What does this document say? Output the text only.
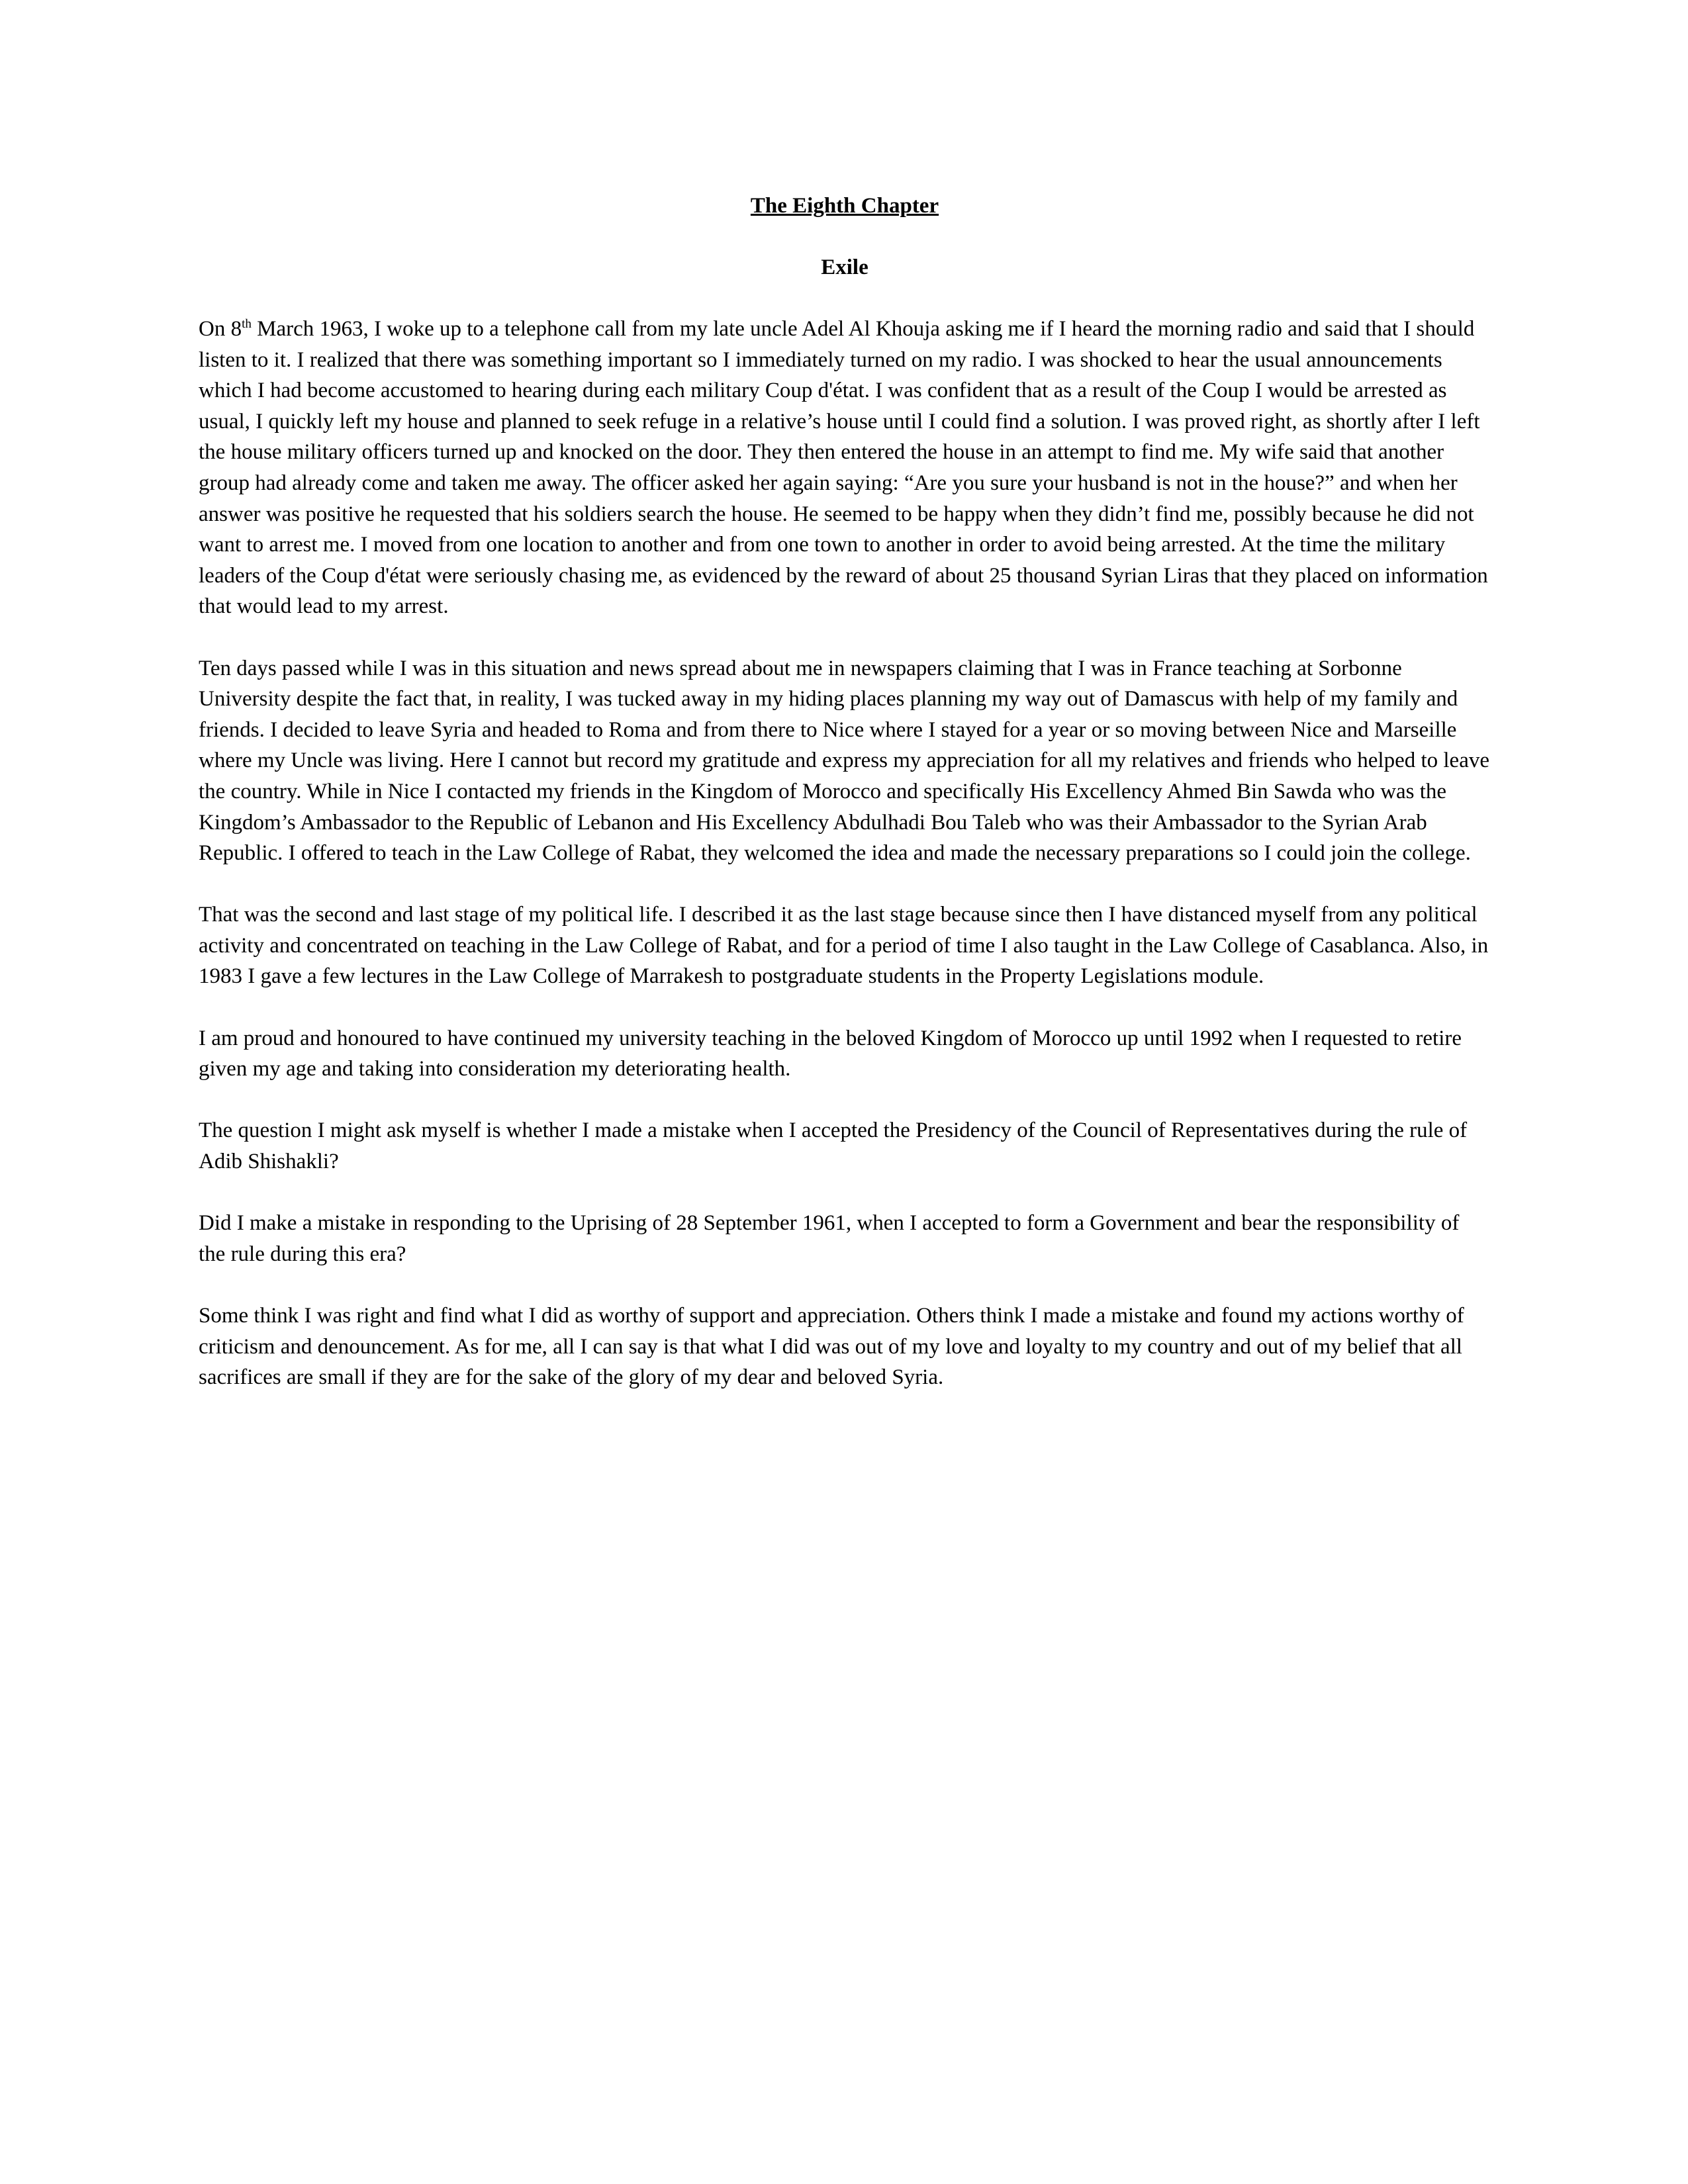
The Eighth Chapter
Exile

On 8th March 1963, I woke up to a telephone call from my late uncle Adel Al Khouja asking me if I heard the morning radio and said that I should listen to it. I realized that there was something important so I immediately turned on my radio. I was shocked to hear the usual announcements which I had become accustomed to hearing during each military Coup d'état. I was confident that as a result of the Coup I would be arrested as usual, I quickly left my house and planned to seek refuge in a relative’s house until I could find a solution. I was proved right, as shortly after I left the house military officers turned up and knocked on the door. They then entered the house in an attempt to find me. My wife said that another group had already come and taken me away. The officer asked her again saying: “Are you sure your husband is not in the house?” and when her answer was positive he requested that his soldiers search the house. He seemed to be happy when they didn’t find me, possibly because he did not want to arrest me. I moved from one location to another and from one town to another in order to avoid being arrested. At the time the military leaders of the Coup d'état were seriously chasing me, as evidenced by the reward of about 25 thousand Syrian Liras that they placed on information that would lead to my arrest.

Ten days passed while I was in this situation and news spread about me in newspapers claiming that I was in France teaching at Sorbonne University despite the fact that, in reality, I was tucked away in my hiding places planning my way out of Damascus with help of my family and friends. I decided to leave Syria and headed to Roma and from there to Nice where I stayed for a year or so moving between Nice and Marseille where my Uncle was living. Here I cannot but record my gratitude and express my appreciation for all my relatives and friends who helped to leave the country. While in Nice I contacted my friends in the Kingdom of Morocco and specifically His Excellency Ahmed Bin Sawda who was the Kingdom’s Ambassador to the Republic of Lebanon and His Excellency Abdulhadi Bou Taleb who was their Ambassador to the Syrian Arab Republic. I offered to teach in the Law College of Rabat, they welcomed the idea and made the necessary preparations so I could join the college.

That was the second and last stage of my political life. I described it as the last stage because since then I have distanced myself from any political activity and concentrated on teaching in the Law College of Rabat, and for a period of time I also taught in the Law College of Casablanca. Also, in 1983 I gave a few lectures in the Law College of Marrakesh to postgraduate students in the Property Legislations module.

I am proud and honoured to have continued my university teaching in the beloved Kingdom of Morocco up until 1992 when I requested to retire given my age and taking into consideration my deteriorating health.

The question I might ask myself is whether I made a mistake when I accepted the Presidency of the Council of Representatives during the rule of Adib Shishakli?

Did I make a mistake in responding to the Uprising of 28 September 1961, when I accepted to form a Government and bear the responsibility of the rule during this era?

Some think I was right and find what I did as worthy of support and appreciation. Others think I made a mistake and found my actions worthy of criticism and denouncement. As for me, all I can say is that what I did was out of my love and loyalty to my country and out of my belief that all sacrifices are small if they are for the sake of the glory of my dear and beloved Syria.
